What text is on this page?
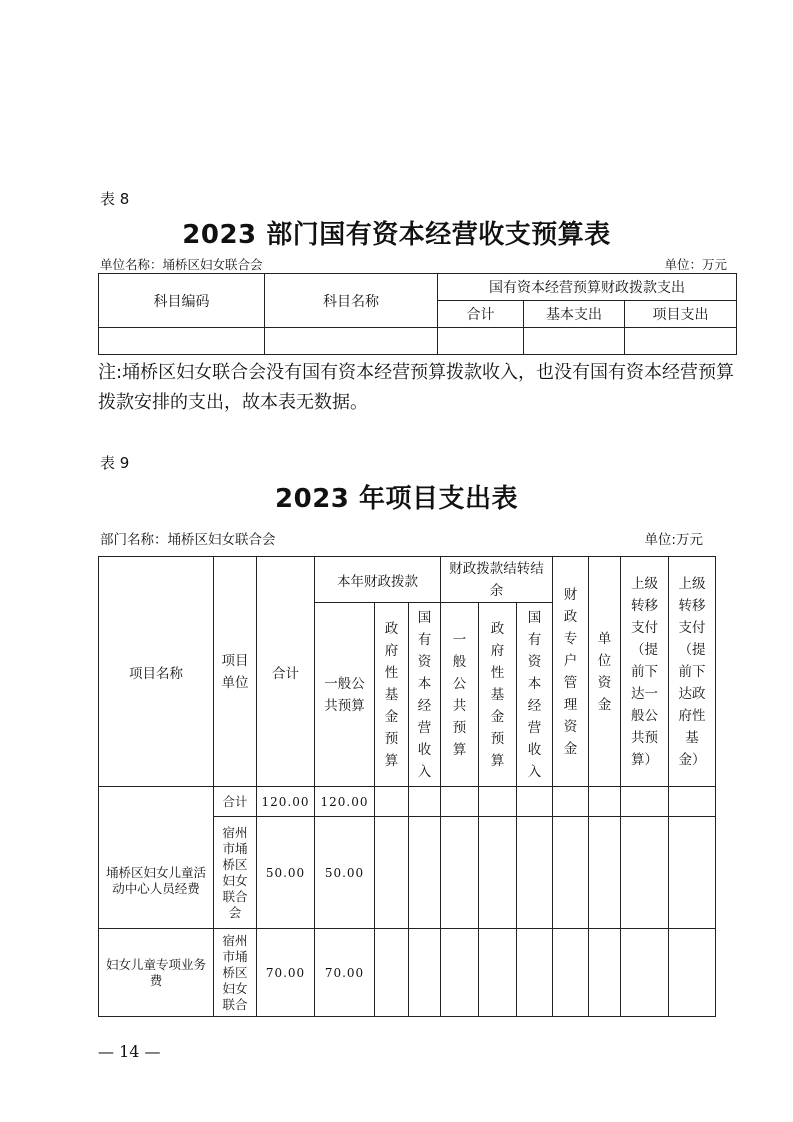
表 8
2023 部门国有资本经营收支预算表
单位名称：埇桥区妇女联合会	单位：万元
科目编码	科目名称	国有资本经营预算财政拨款支出		
		合计	基本支出	项目支出

注:埇桥区妇女联合会没有国有资本经营预算拨款收入，也没有国有资本经营预算拨款安排的支出，故本表无数据。
表 9
2023 年项目支出表
部门名称：埇桥区妇女联合会	单位:万元
项目名称	项目单位	合计	本年财政拨款			财政拨款结转结余			财政专户管理资金	单位资金	上级转移支付（提前下达一般公共预算）	上级转移支付（提前下达政府性基金）

			一般公共预算	政府性基金预算	国有资本经营收入	一般公共预算	政府性基金预算	国有资本经营收入				

埇桥区妇女儿童活动中心人员经费	合计	120.00	120.00									
	宿州市埇桥区妇女联合会	50.00	50.00									
妇女儿童专项业务费	宿州市埇桥区妇女联合	70.00	70.00									
— 14 —
